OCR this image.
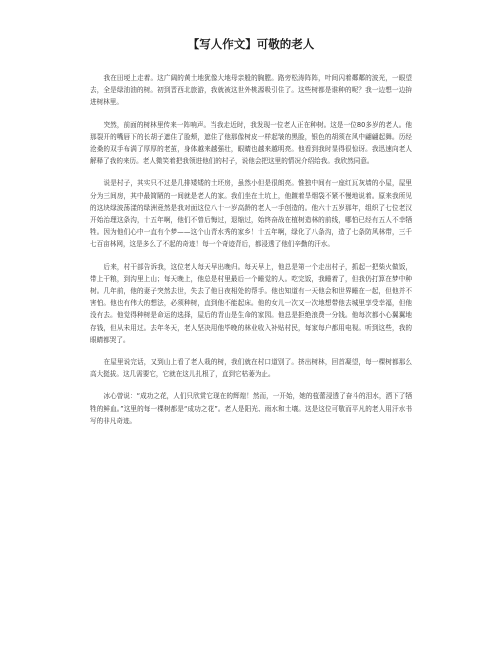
【写人作文】可敬的老人

我在田埂上走着。这广阔的黄土地犹像大地母亲般的胸膛。路旁松涛阵阵，叶间闪着鄰鄰的波光，一眼望去，全是绿油油的树。初到晋西北旅游，我就被这世外桃源吸引住了。这些树都是谁种的呢？我一边想一边拚进树林里。

突然，前面的树林里传来一阵响声。当我走近时，我发现一位老人正在种树。这是一位80多岁的老人。他那裂开的嘴唇下的长胡子遮住了脸颊，遮住了他那像树皮一样起皱的黑脸，银色的胡须在风中翩翩起舞。历经沧桑的双手布满了厚厚的老茧，身体越来越强壮，眼睛也越来越明亮。他看到我时显得很惊讶。我迅速向老人解释了我的来历。老人微笑着把我领进他们的村子，说他会把这里的情况介绍给我。我欣然同意。

说是村子，其实只不过是几排矮矮的土坯房，虽然小但是很朗亮。惟独中间有一座红瓦灰墙的小屋，屋里分为三间房，其中最简陋的一间就是老人的家。我们坐在土坑上，他踱着旱烟袋不紧不慢地说着。原来我所见的这块绿波荡漾的绿洲竟然是我对面这位八十一岁高龄的老人一手创造的。他六十五岁那年，组织了七位老汉开始治理这条沟，十五年啊，他们不曾后悔过，退缩过，始终奋战在植树造林的前线，哪怕已经有五人不幸牺牲。因为他们心中一直有个梦——这个山青水秀的家乡！十五年啊，绿化了八条沟，造了七条防风林带，三千七百亩林网，这是多么了不起的奇迹！每一个奇迹背后，都浸透了他们辛勤的汗水。

后来，村干部告诉我，这位老人每天早出晚归。每天早上，他总是第一个走出村子，抓起一把柴火做饭，带上干粮，到沟里上山；每天晚上，他总是村里最后一个睡觉的人。吃完饭，我睡着了，但我仍打算在梦中种树。几年前，他的妻子突然去世，失去了他日夜相处的帮手。他也知道有一天他会和世界睡在一起，但他并不害怕。他也有伟大的想法，必须种树，直到他不能起床。他的女儿一次又一次地想带他去城里享受幸福，但他没有去。他觉得种树是命运的选择，屋后的青山是生命的家园。他总是拒绝浪费一分钱。他每次都小心翼翼地存钱，但从未用过。去年冬天，老人坚决用他毕晚的林业收入补贴村民，每家每户都用电视。听到这些，我的眼睛都哭了。

在屋里说完话，又到山上看了老人栽的树，我们就在村口道别了。挤出树林，回首凝望，每一棵树都那么高大挺拔。这几需要它，它就在这儿扎根了，直到它枯萎为止。

冰心曾说：“成功之花，人们只欣赏它现在的辉煌！然而，一开始，她的苞蕾浸透了奋斗的泪水，洒下了牺牲的鲜血。”这里的每一棵树都是“成功之花”。老人是阳光、雨水和土壤。这是这位可敬而平凡的老人用汗水书写的非凡奇迹。
